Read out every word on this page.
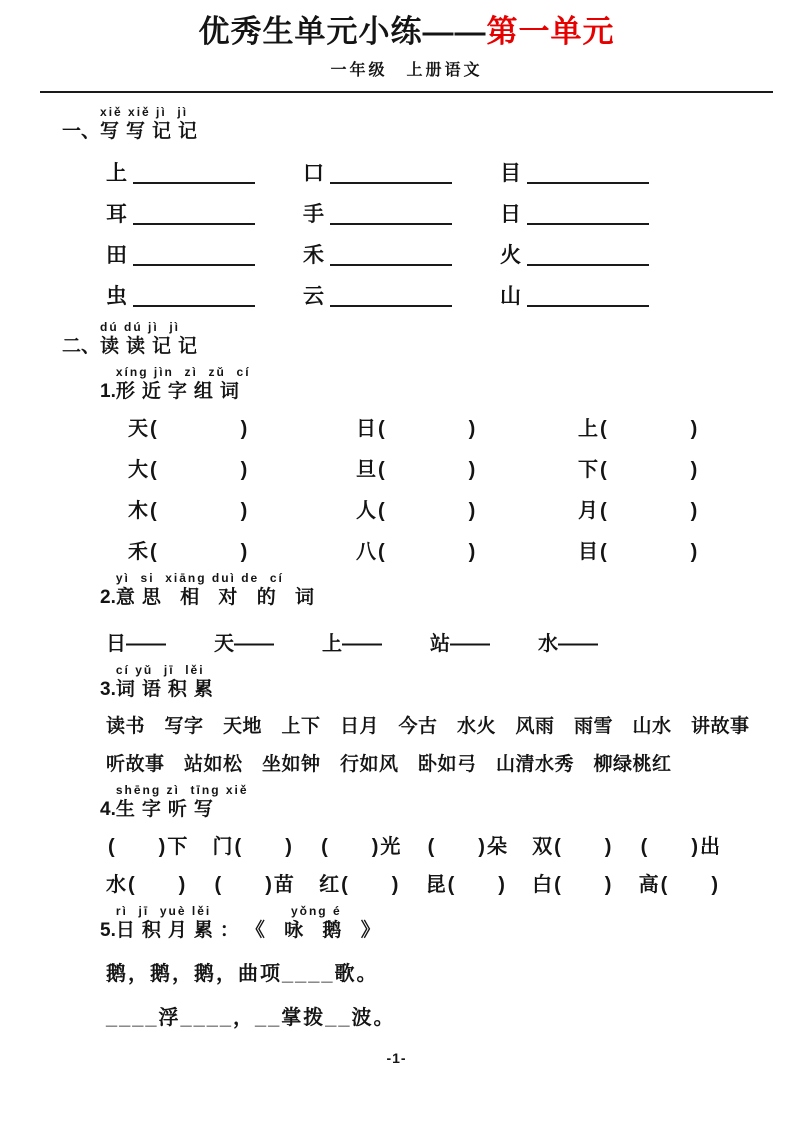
优秀生单元小练——第一单元
一年级　上册语文
一、
xiě xiě jì  jì
写写记记
上	口	目
耳	手	日
田	禾	火
虫	云	山
二、
dú dú jì  jì
读读记记
1.
xíng jìn  zì  zǔ  cí
形近字组词
天 (	)	日 (	)	上 (	)
大 (	)	旦 (	)	下 (	)
木 (	)	人 (	)	月 (	)
禾 (	)	八 (	)	目 (	)
2.
yì  si  xiāng duì de  cí
意思 相 对 的 词
日—— 天—— 上—— 站—— 水——
3.
cí yǔ  jī  lěi
词语积累
读书　写字　天地　上下　日月　今古　水火　风雨　雨雪　山水　讲故事
听故事　站如松　坐如钟　行如风　卧如弓　山清水秀　柳绿桃红
4.
shēng zì  tīng xiě
生字听写
( ) 下 门 ( ) ( ) 光 ( ) 朵 双 ( ) ( ) 出
水 ( ) ( ) 苗 红 ( ) 昆 ( ) 白 ( ) 高 ( )
5.
rì  jī  yuè lěi
日积月累：
yǒng é
《 咏 鹅 》
鹅，鹅，鹅，曲项____歌。
____浮____，__掌拨__波。
-1-
